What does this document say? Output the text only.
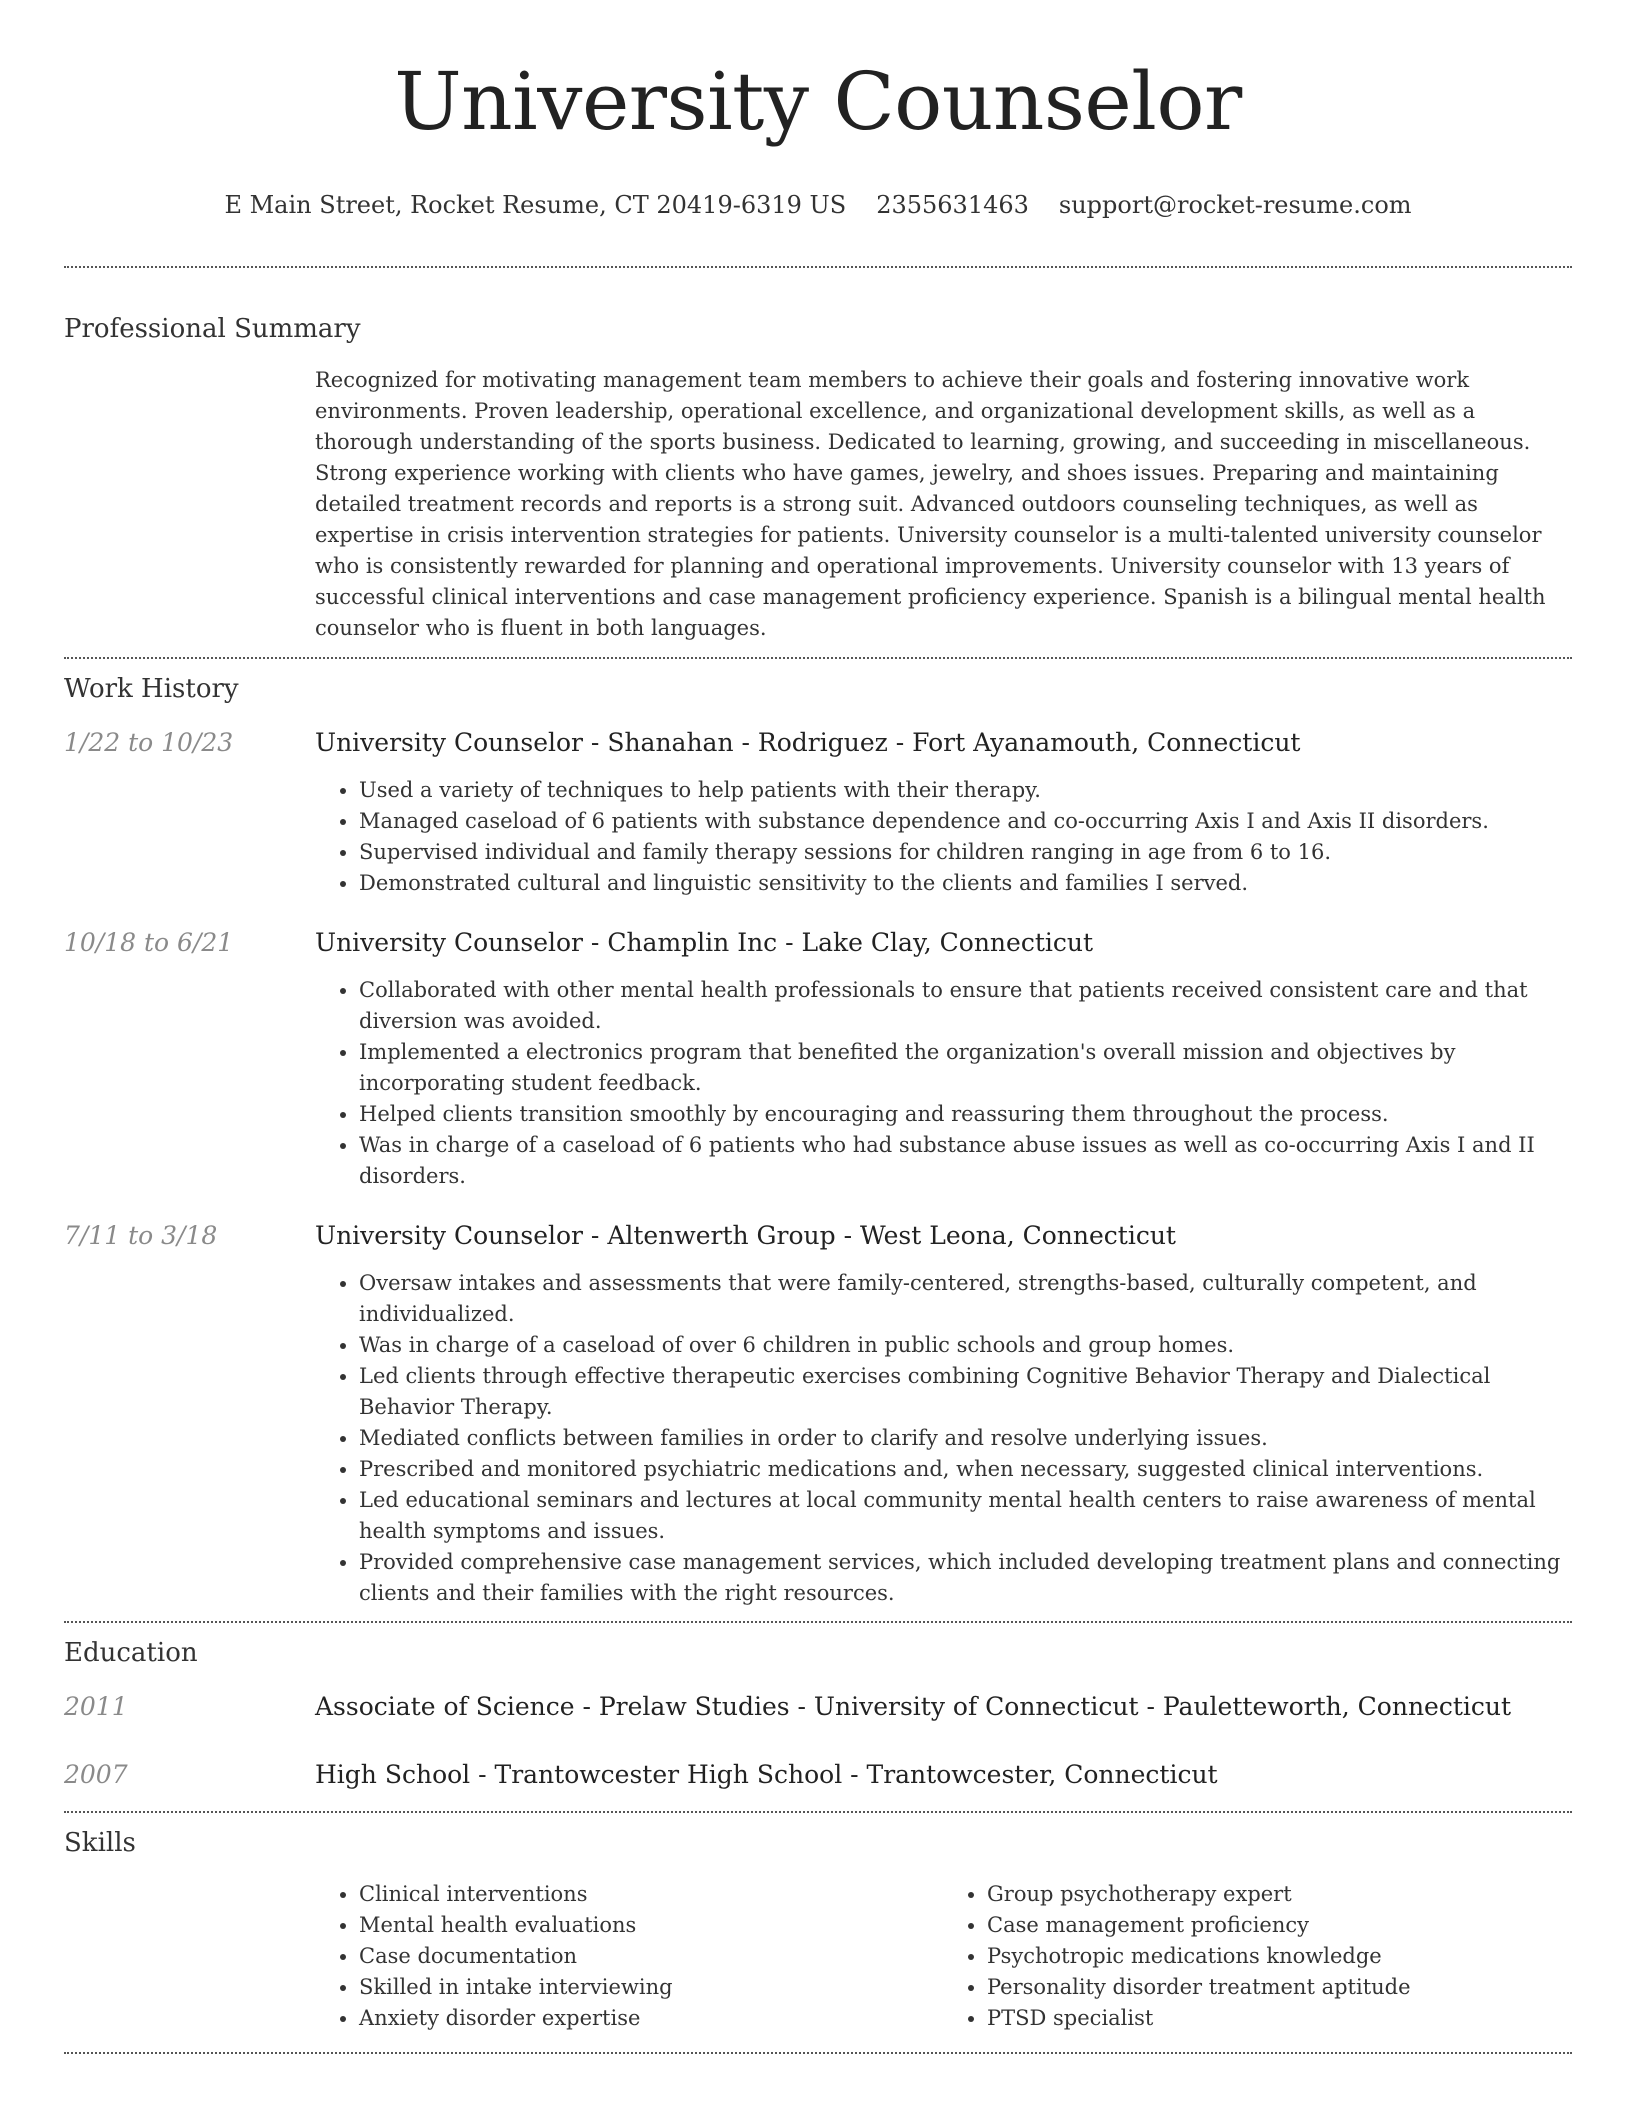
University Counselor
E Main Street, Rocket Resume, CT 20419-6319 US 2355631463 support@rocket-resume.com
Professional Summary

Recognized for motivating management team members to achieve their goals and fostering innovative work environments. Proven leadership, operational excellence, and organizational development skills, as well as a thorough understanding of the sports business. Dedicated to learning, growing, and succeeding in miscellaneous. Strong experience working with clients who have games, jewelry, and shoes issues. Preparing and maintaining detailed treatment records and reports is a strong suit. Advanced outdoors counseling techniques, as well as expertise in crisis intervention strategies for patients. University counselor is a multi-talented university counselor who is consistently rewarded for planning and operational improvements. University counselor with 13 years of successful clinical interventions and case management proficiency experience. Spanish is a bilingual mental health counselor who is fluent in both languages.

Work History
1/22 to 10/23	University Counselor - Shanahan - Rodriguez - Fort Ayanamouth, Connecticut
• Used a variety of techniques to help patients with their therapy.
• Managed caseload of 6 patients with substance dependence and co-occurring Axis I and Axis II disorders.
• Supervised individual and family therapy sessions for children ranging in age from 6 to 16.
• Demonstrated cultural and linguistic sensitivity to the clients and families I served.
10/18 to 6/21	University Counselor - Champlin Inc - Lake Clay, Connecticut
• Collaborated with other mental health professionals to ensure that patients received consistent care and that diversion was avoided.
• Implemented a electronics program that benefited the organization's overall mission and objectives by incorporating student feedback.
• Helped clients transition smoothly by encouraging and reassuring them throughout the process.
• Was in charge of a caseload of 6 patients who had substance abuse issues as well as co-occurring Axis I and II disorders.
7/11 to 3/18	University Counselor - Altenwerth Group - West Leona, Connecticut
• Oversaw intakes and assessments that were family-centered, strengths-based, culturally competent, and individualized.
• Was in charge of a caseload of over 6 children in public schools and group homes.
• Led clients through effective therapeutic exercises combining Cognitive Behavior Therapy and Dialectical Behavior Therapy.
• Mediated conflicts between families in order to clarify and resolve underlying issues.
• Prescribed and monitored psychiatric medications and, when necessary, suggested clinical interventions.
• Led educational seminars and lectures at local community mental health centers to raise awareness of mental health symptoms and issues.
• Provided comprehensive case management services, which included developing treatment plans and connecting clients and their families with the right resources.
Education
2011	Associate of Science - Prelaw Studies - University of Connecticut - Pauletteworth, Connecticut
2007	High School - Trantowcester High School - Trantowcester, Connecticut
Skills
• Clinical interventions
• Mental health evaluations
• Case documentation
• Skilled in intake interviewing
• Anxiety disorder expertise
• Group psychotherapy expert
• Case management proficiency
• Psychotropic medications knowledge
• Personality disorder treatment aptitude
• PTSD specialist
